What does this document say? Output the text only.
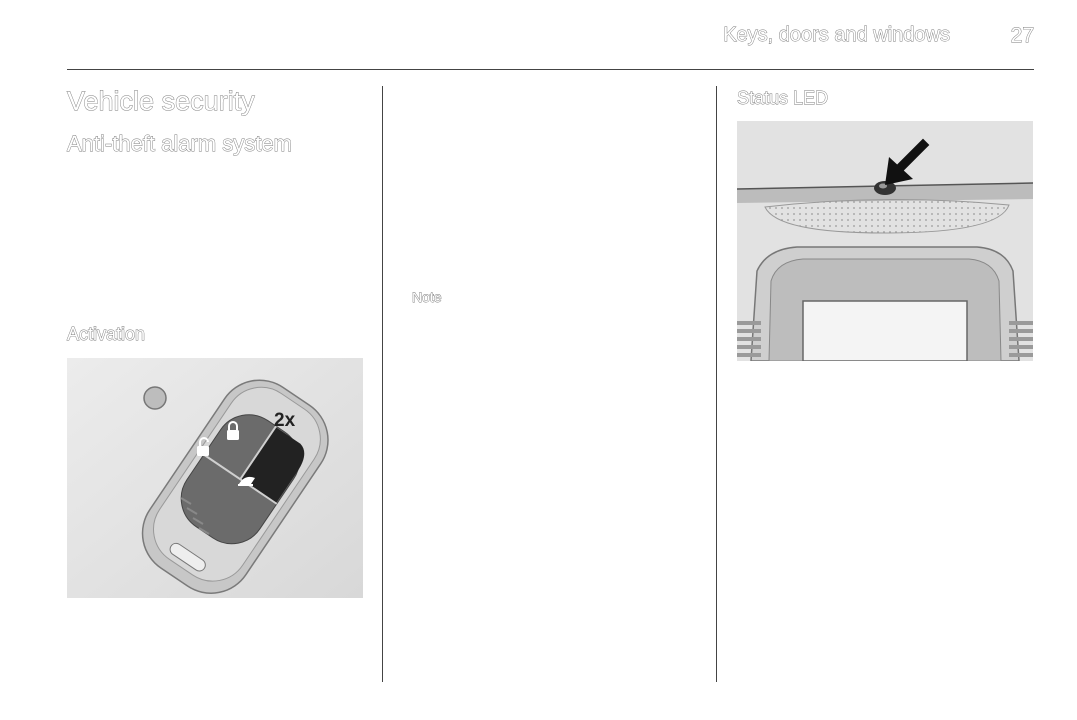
Keys, doors and windows	27
Vehicle security
Anti-theft alarm system
Activation
2x
Note
Status LED
